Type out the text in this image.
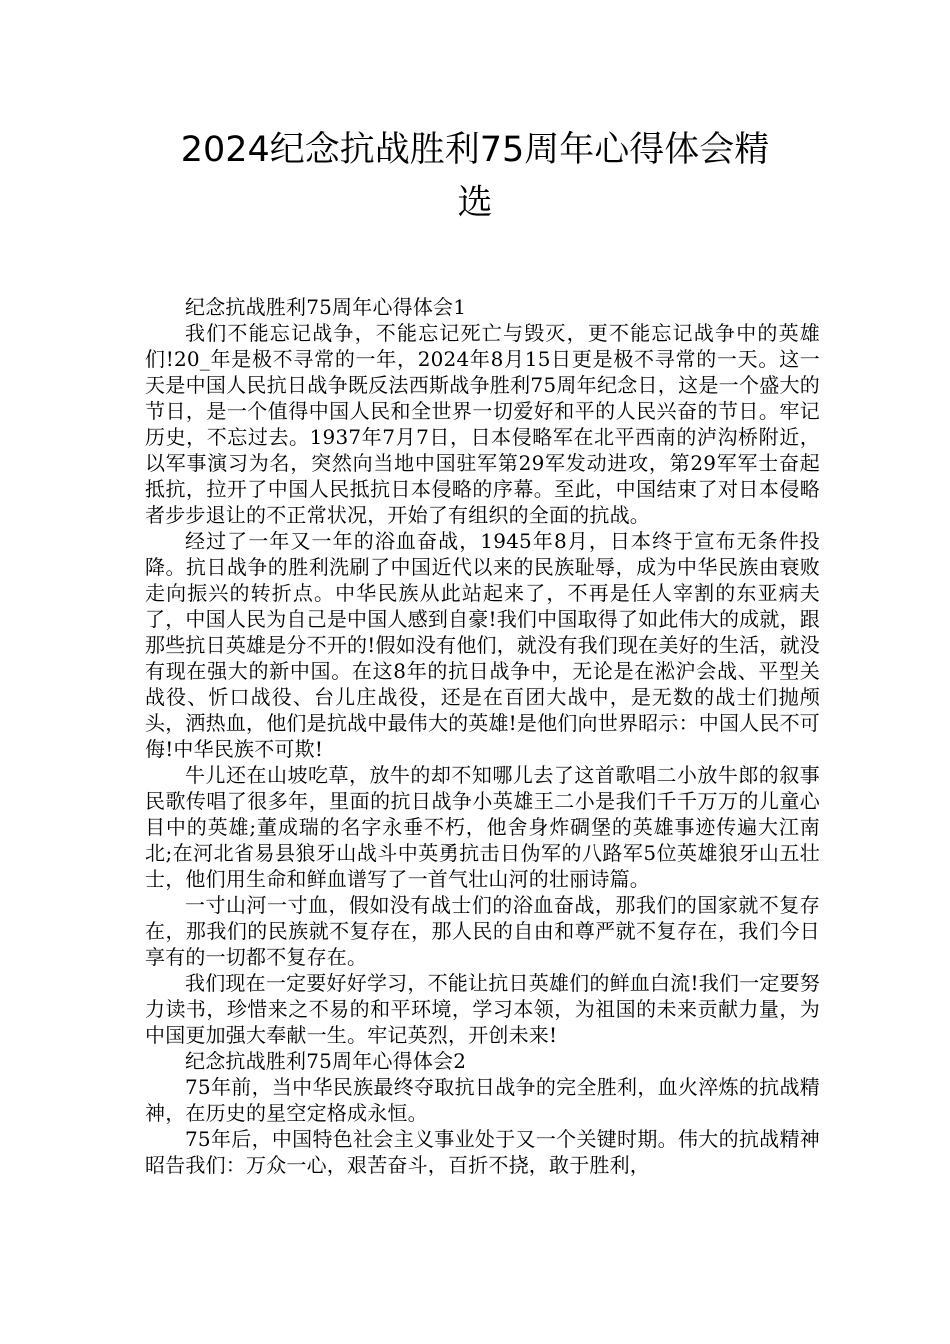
2024纪念抗战胜利75周年心得体会精
选

纪念抗战胜利75周年心得体会1

我们不能忘记战争，不能忘记死亡与毁灭，更不能忘记战争中的英雄们!20_年是极不寻常的一年，2024年8月15日更是极不寻常的一天。这一天是中国人民抗日战争既反法西斯战争胜利75周年纪念日，这是一个盛大的节日，是一个值得中国人民和全世界一切爱好和平的人民兴奋的节日。牢记历史，不忘过去。1937年7月7日，日本侵略军在北平西南的泸沟桥附近，以军事演习为名，突然向当地中国驻军第29军发动进攻，第29军军士奋起抵抗，拉开了中国人民抵抗日本侵略的序幕。至此，中国结束了对日本侵略者步步退让的不正常状况，开始了有组织的全面的抗战。

经过了一年又一年的浴血奋战，1945年8月，日本终于宣布无条件投降。抗日战争的胜利洗刷了中国近代以来的民族耻辱，成为中华民族由衰败走向振兴的转折点。中华民族从此站起来了，不再是任人宰割的东亚病夫了，中国人民为自己是中国人感到自豪!我们中国取得了如此伟大的成就，跟那些抗日英雄是分不开的!假如没有他们，就没有我们现在美好的生活，就没有现在强大的新中国。在这8年的抗日战争中，无论是在淞沪会战、平型关战役、忻口战役、台儿庄战役，还是在百团大战中，是无数的战士们抛颅头，洒热血，他们是抗战中最伟大的英雄!是他们向世界昭示：中国人民不可侮!中华民族不可欺!

牛儿还在山坡吃草，放牛的却不知哪儿去了这首歌唱二小放牛郎的叙事民歌传唱了很多年，里面的抗日战争小英雄王二小是我们千千万万的儿童心目中的英雄;董成瑞的名字永垂不朽，他舍身炸碉堡的英雄事迹传遍大江南北;在河北省易县狼牙山战斗中英勇抗击日伪军的八路军5位英雄狼牙山五壮士，他们用生命和鲜血谱写了一首气壮山河的壮丽诗篇。

一寸山河一寸血，假如没有战士们的浴血奋战，那我们的国家就不复存在，那我们的民族就不复存在，那人民的自由和尊严就不复存在，我们今日享有的一切都不复存在。

我们现在一定要好好学习，不能让抗日英雄们的鲜血白流!我们一定要努力读书，珍惜来之不易的和平环境，学习本领，为祖国的未来贡献力量，为中国更加强大奉献一生。牢记英烈，开创未来!

纪念抗战胜利75周年心得体会2

75年前，当中华民族最终夺取抗日战争的完全胜利，血火淬炼的抗战精神，在历史的星空定格成永恒。

75年后，中国特色社会主义事业处于又一个关键时期。伟大的抗战精神昭告我们：万众一心，艰苦奋斗，百折不挠，敢于胜利，
